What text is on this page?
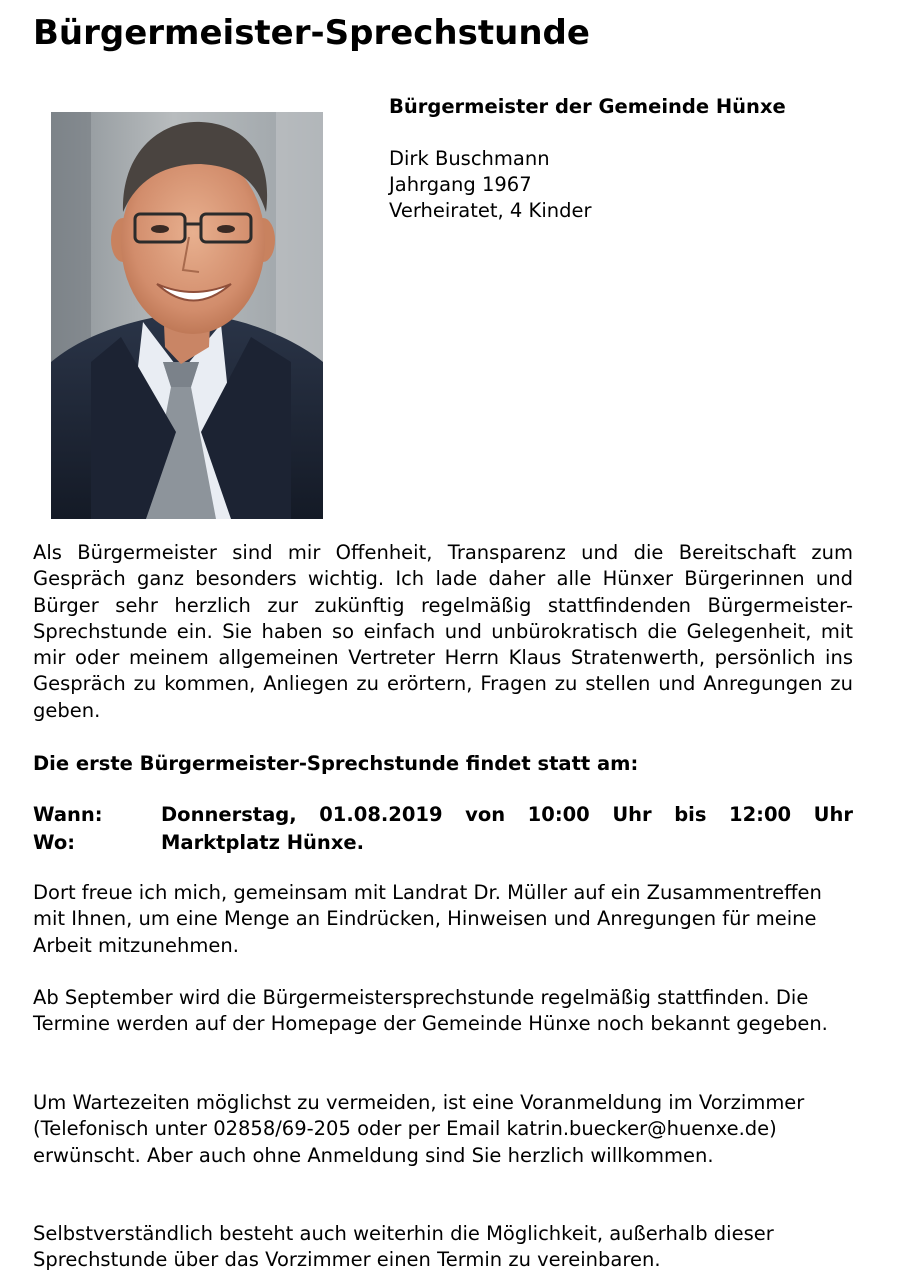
Bürgermeister-Sprechstunde
Bürgermeister der Gemeinde Hünxe
Dirk Buschmann
Jahrgang 1967
Verheiratet, 4 Kinder
Als Bürgermeister sind mir Offenheit, Transparenz und die Bereitschaft zum Gespräch ganz besonders wichtig. Ich lade daher alle Hünxer Bürgerinnen und Bürger sehr herzlich zur zukünftig regelmäßig stattfindenden Bürgermeister-Sprechstunde ein. Sie haben so einfach und unbürokratisch die Gelegenheit, mit mir oder meinem allgemeinen Vertreter Herrn Klaus Stratenwerth, persönlich ins Gespräch zu kommen, Anliegen zu erörtern, Fragen zu stellen und Anregungen zu geben.
Die erste Bürgermeister-Sprechstunde findet statt am:
Wann:	Donnerstag, 01.08.2019 von 10:00 Uhr bis 12:00 Uhr
Wo:	Marktplatz Hünxe.
Dort freue ich mich, gemeinsam mit Landrat Dr. Müller auf ein Zusammentreffen mit Ihnen, um eine Menge an Eindrücken, Hinweisen und Anregungen für meine Arbeit mitzunehmen.
Ab September wird die Bürgermeistersprechstunde regelmäßig stattfinden. Die Termine werden auf der Homepage der Gemeinde Hünxe noch bekannt gegeben.
Um Wartezeiten möglichst zu vermeiden, ist eine Voranmeldung im Vorzimmer (Telefonisch unter 02858/69-205 oder per Email katrin.buecker@huenxe.de) erwünscht. Aber auch ohne Anmeldung sind Sie herzlich willkommen.
Selbstverständlich besteht auch weiterhin die Möglichkeit, außerhalb dieser Sprechstunde über das Vorzimmer einen Termin zu vereinbaren.
